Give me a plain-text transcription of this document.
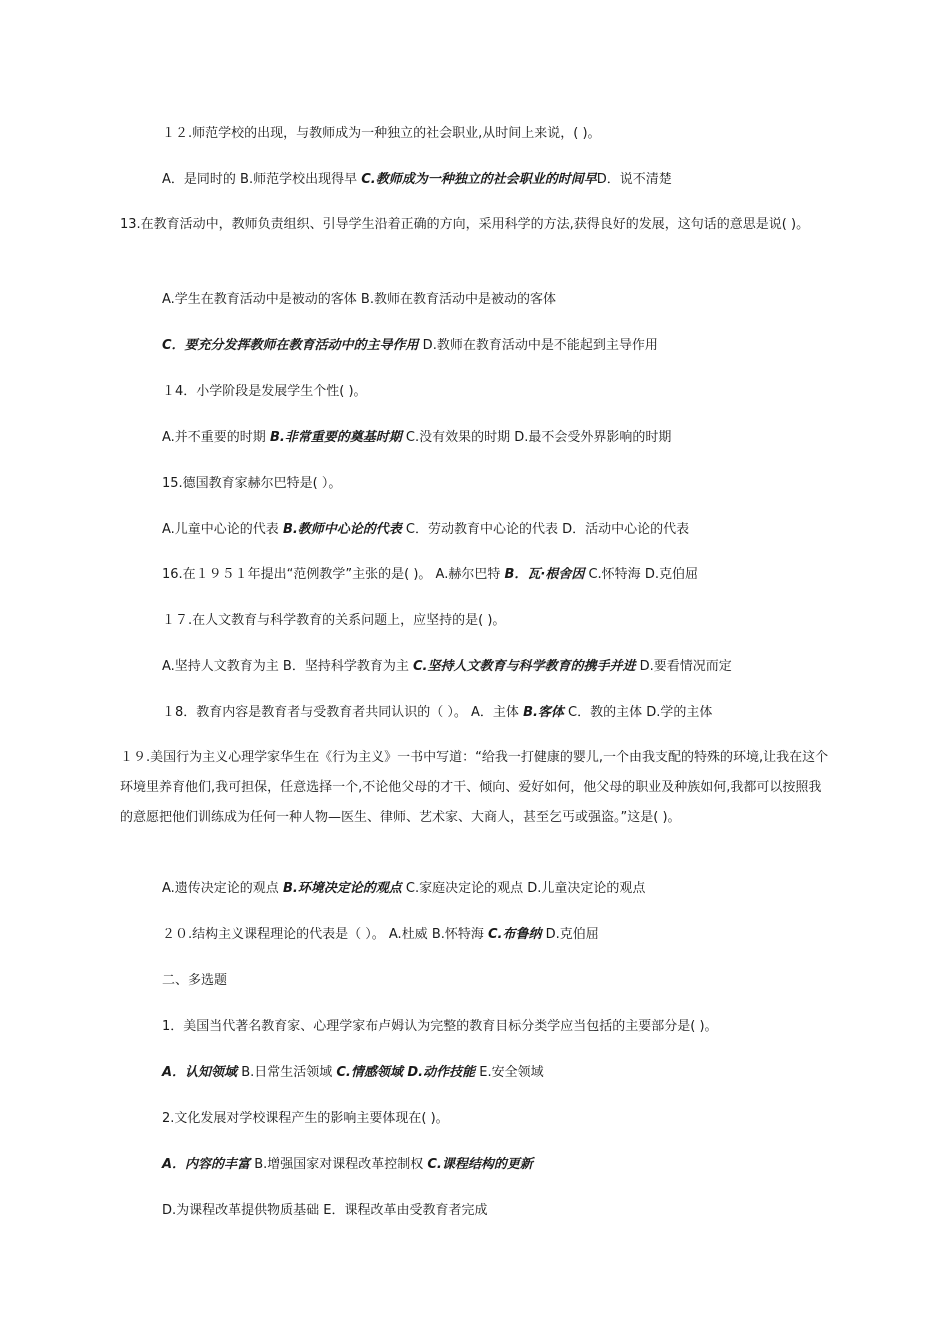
１２.师范学校的出现，与教师成为一种独立的社会职业,从时间上来说，( )。
A．是同时的 B.师范学校出现得早 C.教师成为一种独立的社会职业的时间早D．说不清楚
13.在教育活动中，教师负责组织、引导学生沿着正确的方向，采用科学的方法,获得良好的发展，这句话的意思是说( )。
A.学生在教育活动中是被动的客体 B.教师在教育活动中是被动的客体
C．要充分发挥教师在教育活动中的主导作用 D.教师在教育活动中是不能起到主导作用
１4．小学阶段是发展学生个性( )。
A.并不重要的时期 B.非常重要的奠基时期 C.没有效果的时期 D.最不会受外界影响的时期
15.德国教育家赫尔巴特是( ）。
A.儿童中心论的代表 B.教师中心论的代表 C．劳动教育中心论的代表 D．活动中心论的代表
16.在１９５１年提出“范例教学”主张的是( )。 A.赫尔巴特 B．瓦·根舍因 C.怀特海 D.克伯屈
１７.在人文教育与科学教育的关系问题上，应坚持的是( )。
A.坚持人文教育为主 B．坚持科学教育为主 C.坚持人文教育与科学教育的携手并进 D.要看情况而定
１8．教育内容是教育者与受教育者共同认识的（ ）。 A．主体 B.客体 C．教的主体 D.学的主体
１９.美国行为主义心理学家华生在《行为主义》一书中写道：“给我一打健康的婴儿,一个由我支配的特殊的环境,让我在这个环境里养育他们,我可担保，任意选择一个,不论他父母的才干、倾向、爱好如何，他父母的职业及种族如何,我都可以按照我的意愿把他们训练成为任何一种人物—医生、律师、艺术家、大商人，甚至乞丐或强盗。”这是( )。
A.遗传决定论的观点 B.环境决定论的观点 C.家庭决定论的观点 D.儿童决定论的观点
２０.结构主义课程理论的代表是（ ）。 A.杜威 B.怀特海 C.布鲁纳 D.克伯屈
二、多选题
1．美国当代著名教育家、心理学家布卢姆认为完整的教育目标分类学应当包括的主要部分是( )。
A．认知领域 B.日常生活领域 C.情感领域 D.动作技能 E.安全领域
2.文化发展对学校课程产生的影响主要体现在( )。
A．内容的丰富 B.增强国家对课程改革控制权 C.课程结构的更新
D.为课程改革提供物质基础 E．课程改革由受教育者完成
